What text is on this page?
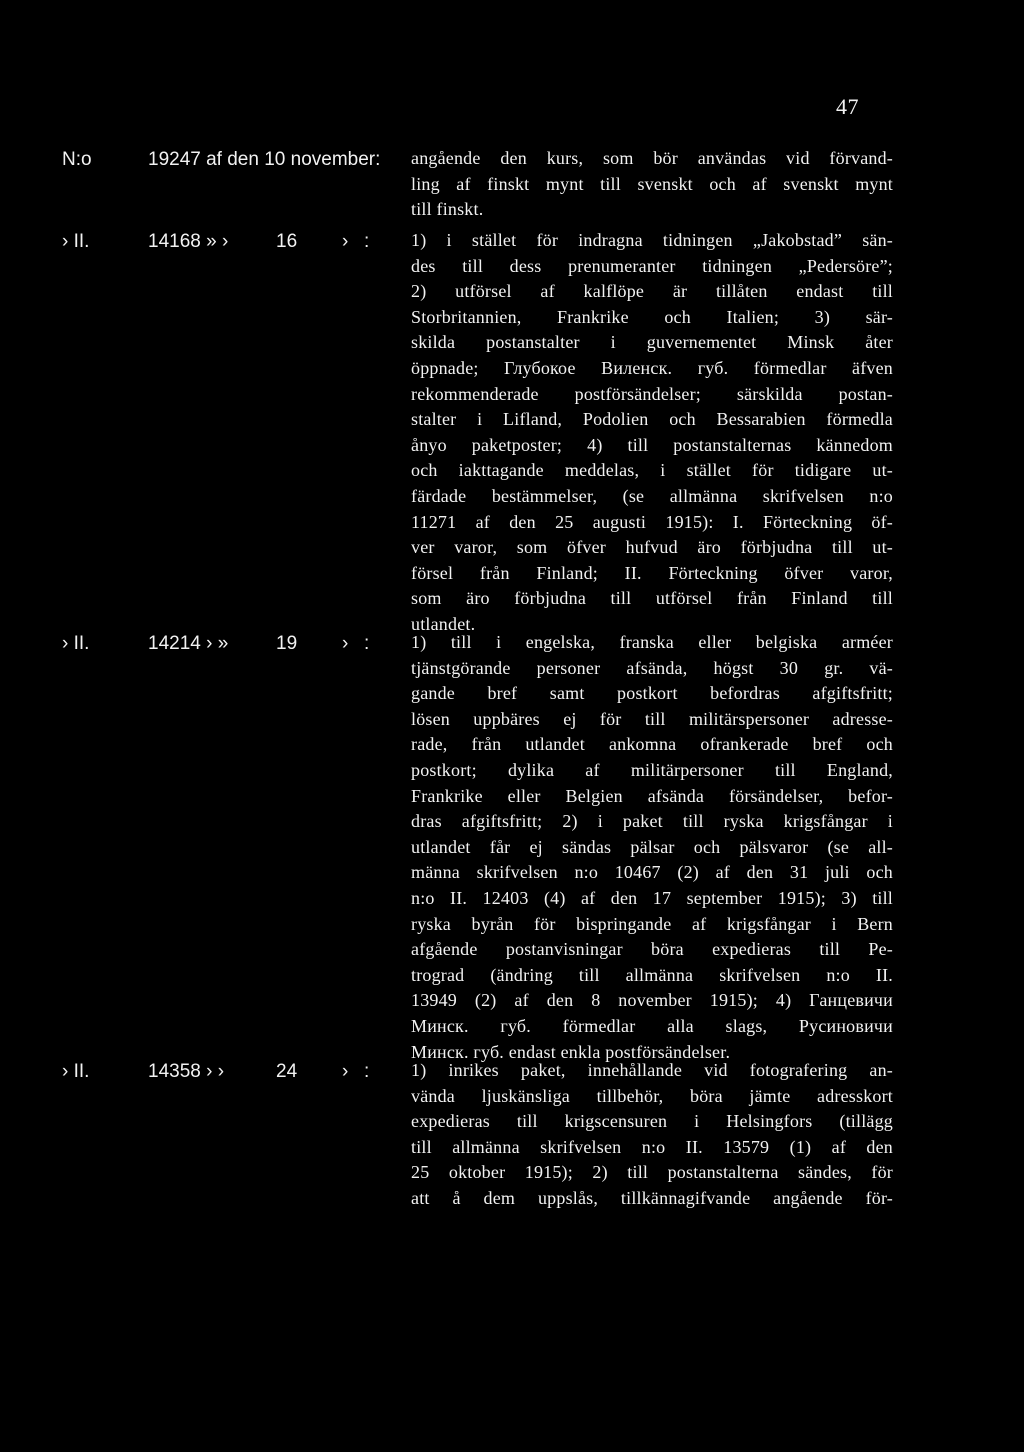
47
N:o	19247 af den 10 november: angående den kurs, som bör användas vid förvand-
ling af finskt mynt till svenskt och af svenskt mynt
till finskt.
› II.	14168 » ›	16 › : 1) i stället för indragna tidningen „Jakobstad” sän-
des till dess prenumeranter tidningen „Pedersöre”;
2) utförsel af kalflöpe är tillåten endast till
Storbritannien, Frankrike och Italien; 3) sär-
skilda postanstalter i guvernementet Minsk åter
öppnade; Глубокое Виленск. губ. förmedlar äfven
rekommenderade postförsändelser; särskilda postan-
stalter i Lifland, Podolien och Bessarabien förmedla
ånyo paketposter; 4) till postanstalternas kännedom
och iakttagande meddelas, i stället för tidigare ut-
färdade bestämmelser, (se allmänna skrifvelsen n:o
11271 af den 25 augusti 1915): I. Förteckning öf-
ver varor, som öfver hufvud äro förbjudna till ut-
försel från Finland; II. Förteckning öfver varor,
som äro förbjudna till utförsel från Finland till
utlandet.
› II.	14214 › »	19 › : 1) till i engelska, franska eller belgiska arméer
tjänstgörande personer afsända, högst 30 gr. vä-
gande bref samt postkort befordras afgiftsfritt;
lösen uppbäres ej för till militärspersoner adresse-
rade, från utlandet ankomna ofrankerade bref och
postkort; dylika af militärpersoner till England,
Frankrike eller Belgien afsända försändelser, befor-
dras afgiftsfritt; 2) i paket till ryska krigsfångar i
utlandet får ej sändas pälsar och pälsvaror (se all-
männa skrifvelsen n:o 10467 (2) af den 31 juli och
n:o II. 12403 (4) af den 17 september 1915); 3) till
ryska byrån för bispringande af krigsfångar i Bern
afgående postanvisningar böra expedieras till Pe-
trograd (ändring till allmänna skrifvelsen n:o II.
13949 (2) af den 8 november 1915); 4) Ганцевичи
Минск. губ. förmedlar alla slags, Русиновичи
Минск. губ. endast enkla postförsändelser.
› II.	14358 › ›	24 › : 1) inrikes paket, innehållande vid fotografering an-
vända ljuskänsliga tillbehör, böra jämte adresskort
expedieras till krigscensuren i Helsingfors (tillägg
till allmänna skrifvelsen n:o II. 13579 (1) af den
25 oktober 1915); 2) till postanstalterna sändes, för
att å dem uppslås, tillkännagifvande angående för-
